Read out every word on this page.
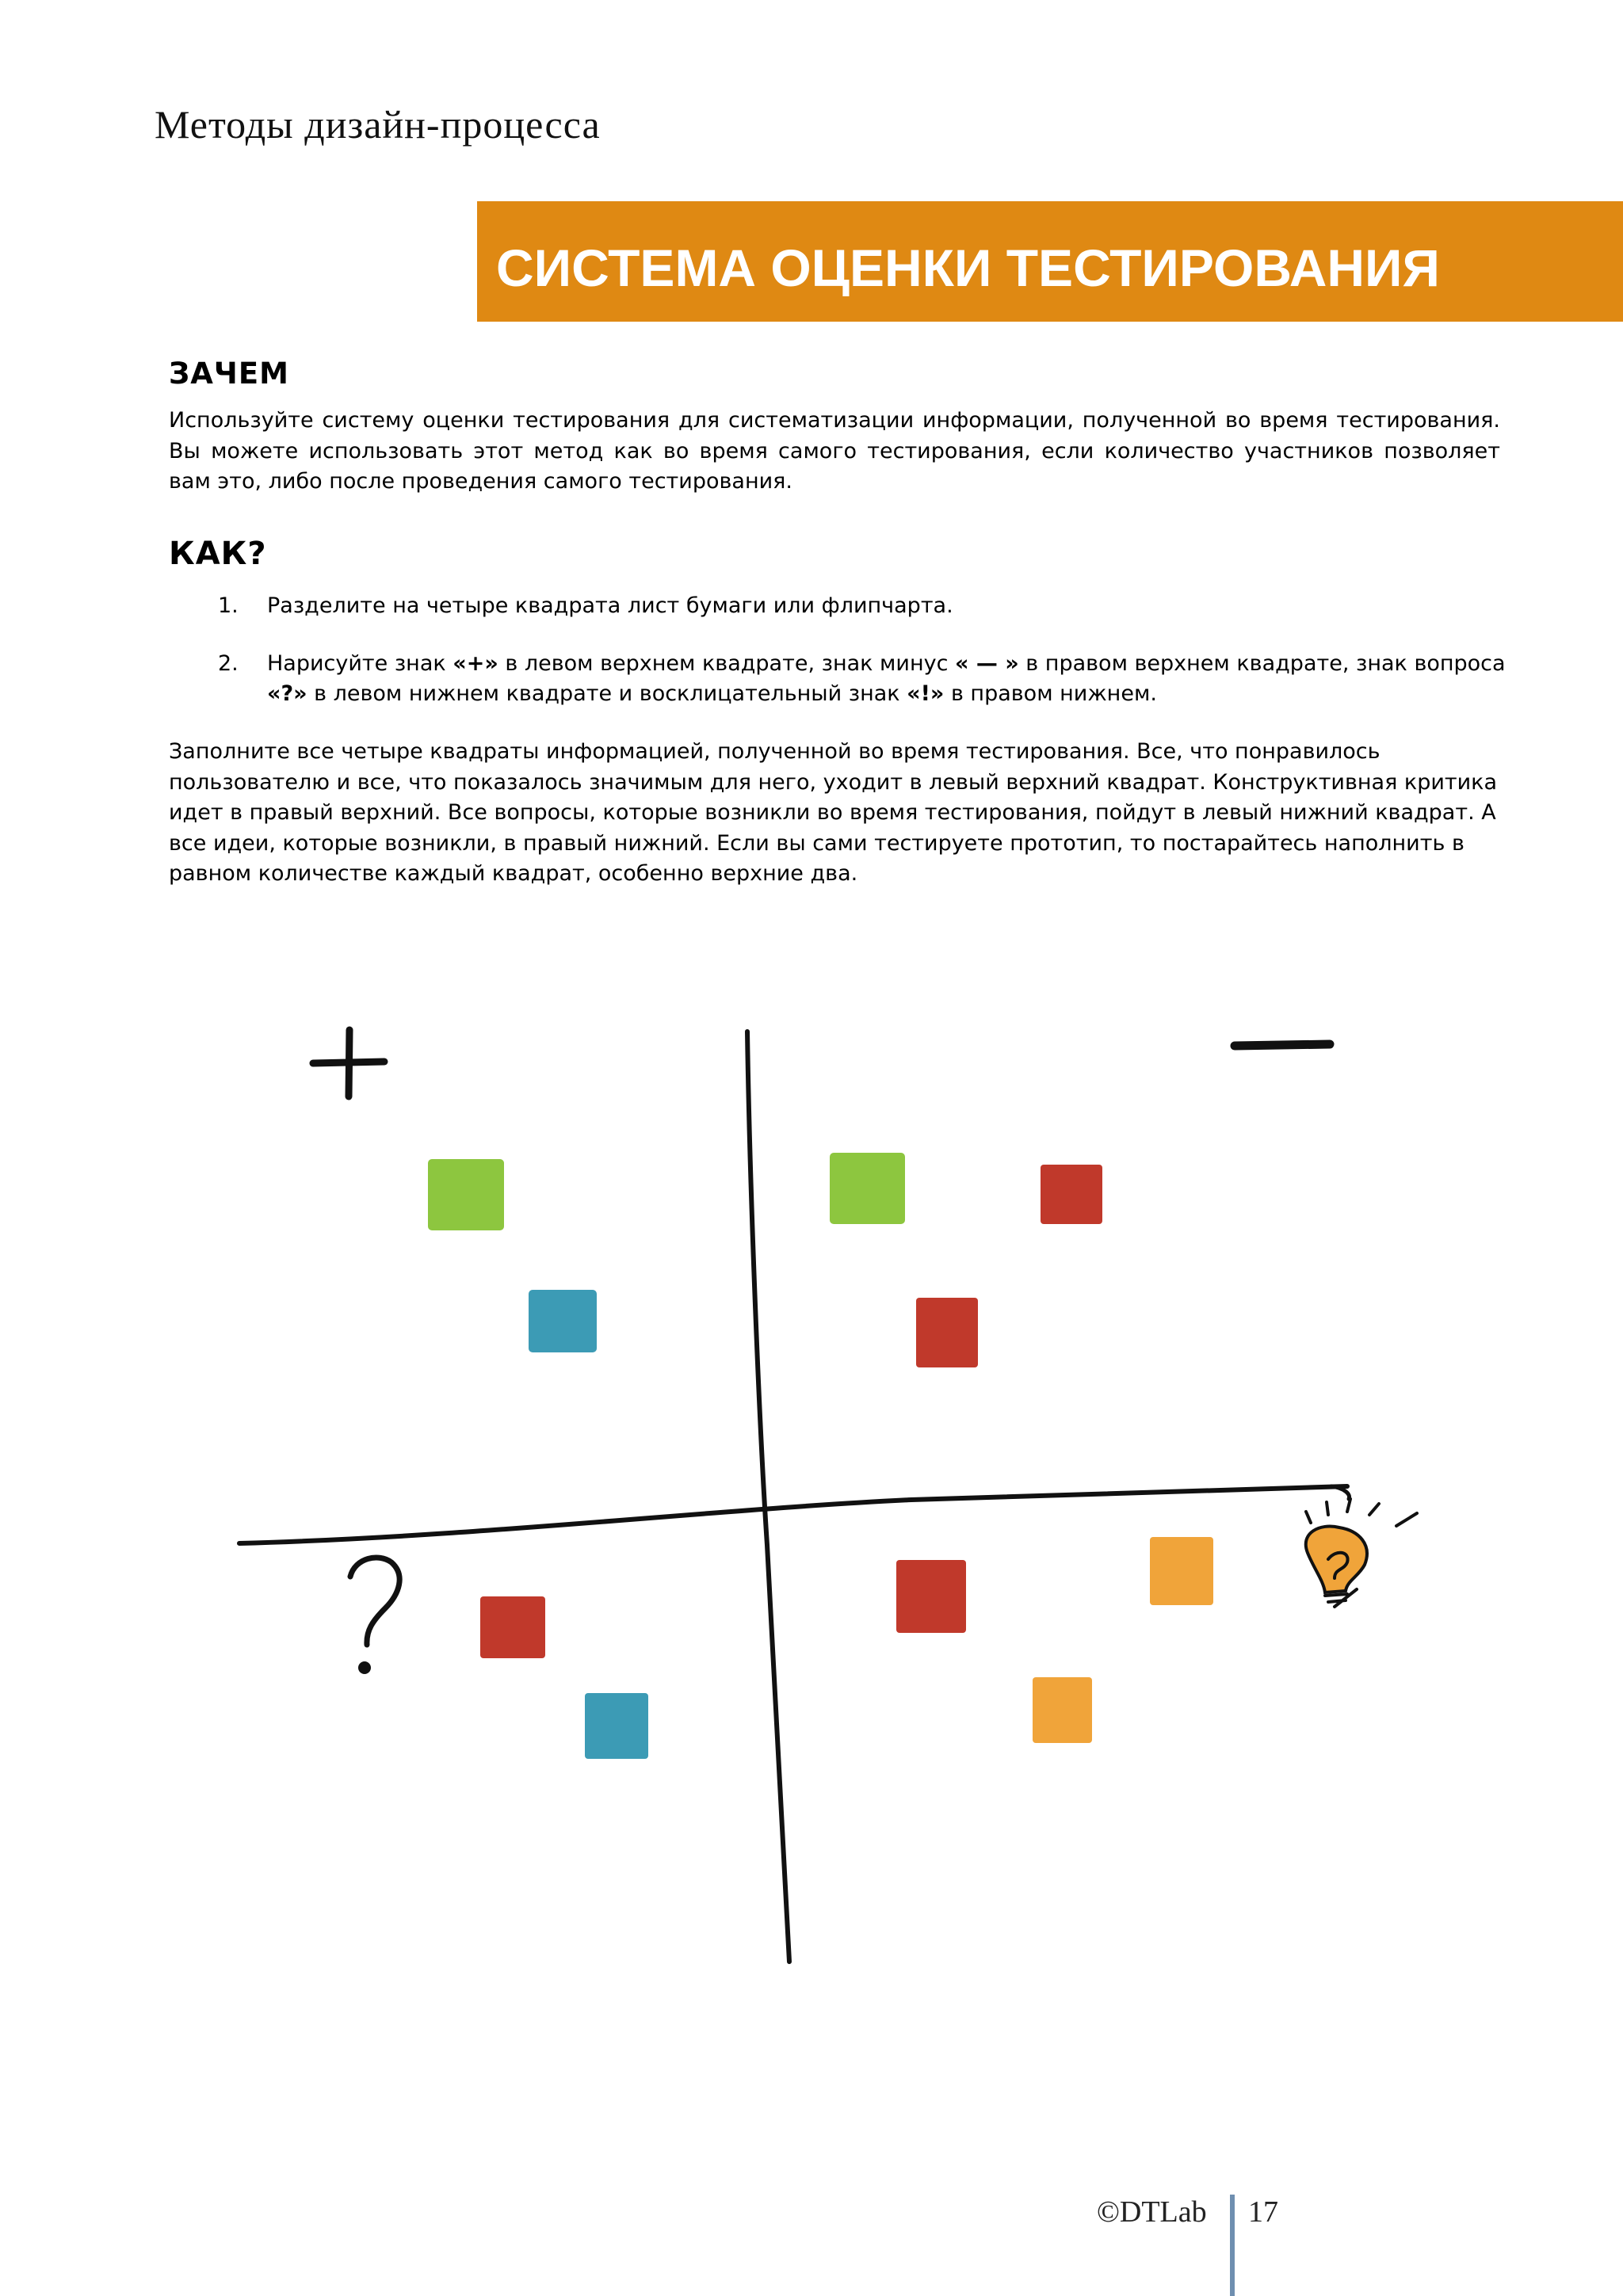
Методы дизайн-процесса
СИСТЕМА ОЦЕНКИ ТЕСТИРОВАНИЯ
ЗАЧЕМ
Используйте систему оценки тестирования для систематизации информации, полученной во время тестирования. Вы можете использовать этот метод как во время самого тестирования, если количество участников позволяет вам это, либо после проведения самого тестирования.
КАК?
1. Разделите на четыре квадрата лист бумаги или флипчарта.
2. Нарисуйте знак «+» в левом верхнем квадрате, знак минус « — » в правом верхнем квадрате, знак вопроса «?» в левом нижнем квадрате и восклицательный знак «!» в правом нижнем.
Заполните все четыре квадраты информацией, полученной во время тестирования. Все, что понравилось пользователю и все, что показалось значимым для него, уходит в левый верхний квадрат. Конструктивная критика идет в правый верхний. Все вопросы, которые возникли во время тестирования, пойдут в левый нижний квадрат. А все идеи, которые возникли, в правый нижний. Если вы сами тестируете прототип, то постарайтесь наполнить в равном количестве каждый квадрат, особенно верхние два.
©DTLab 17
